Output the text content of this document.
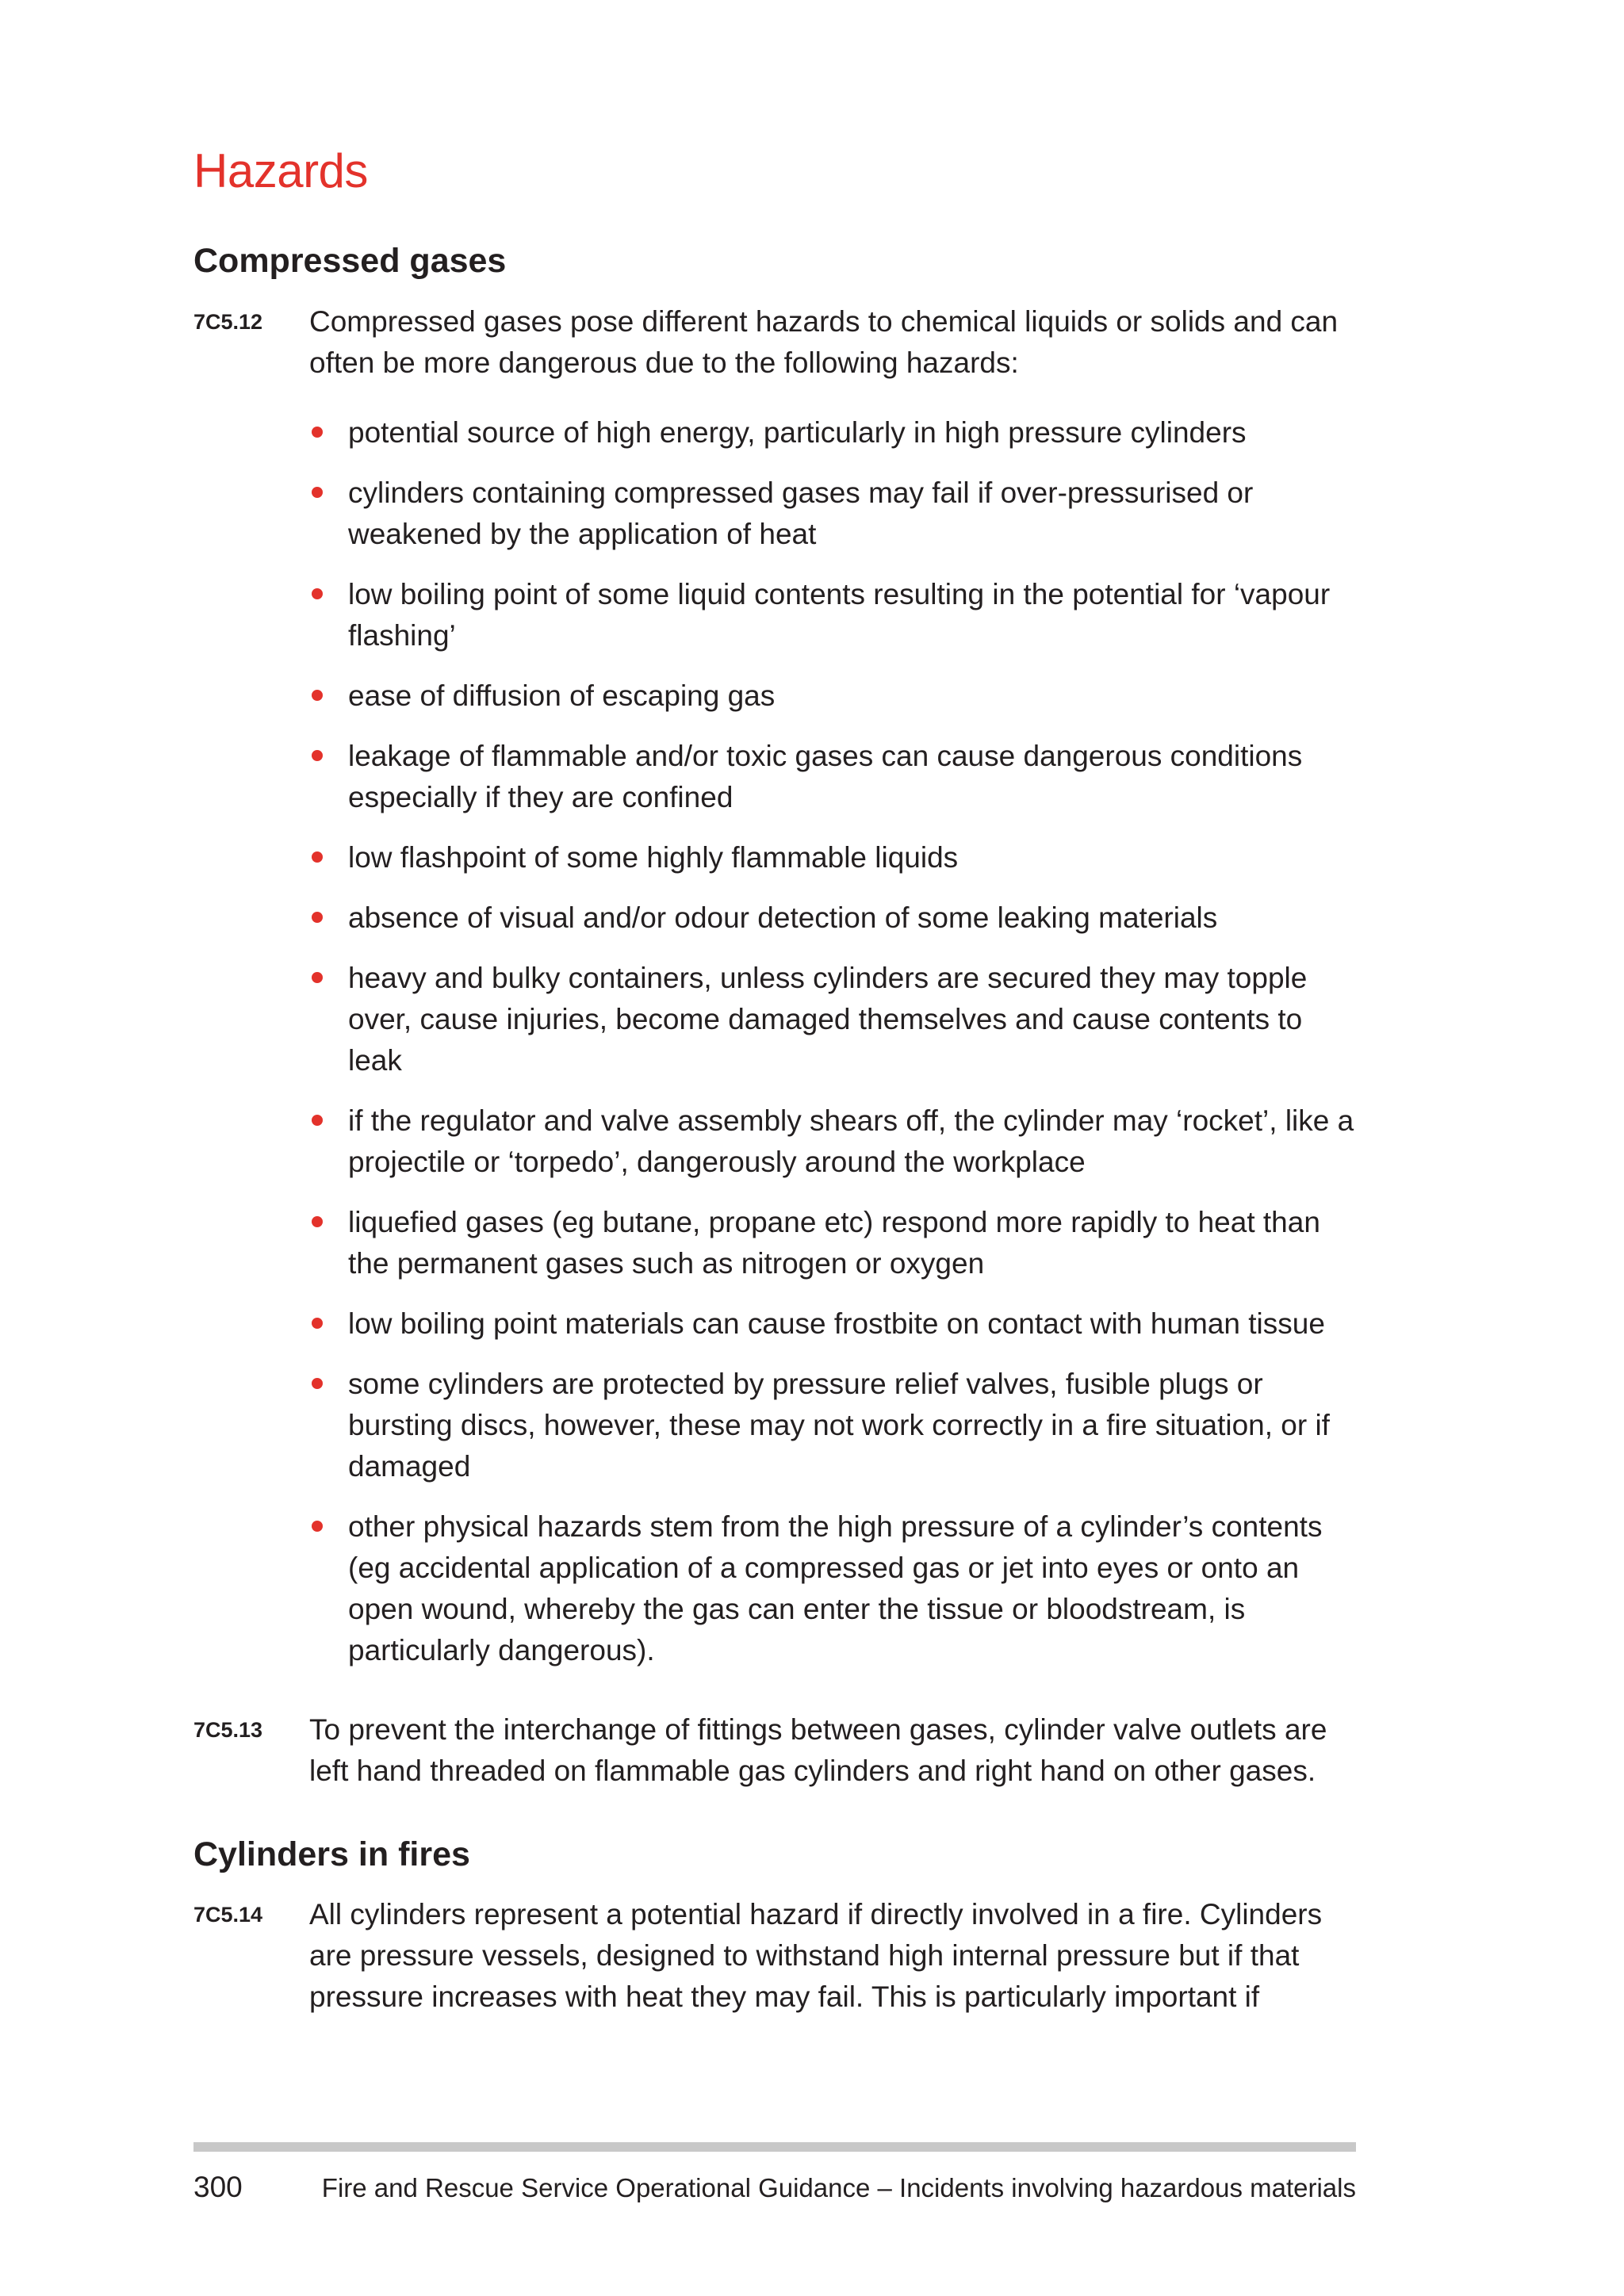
Hazards
Compressed gases
7C5.12	Compressed gases pose different hazards to chemical liquids or solids and can often be more dangerous due to the following hazards:

potential source of high energy, particularly in high pressure cylinders
cylinders containing compressed gases may fail if over-pressurised or weakened by the application of heat
low boiling point of some liquid contents resulting in the potential for ‘vapour flashing’
ease of diffusion of escaping gas
leakage of flammable and/or toxic gases can cause dangerous conditions especially if they are confined
low flashpoint of some highly flammable liquids
absence of visual and/or odour detection of some leaking materials
heavy and bulky containers, unless cylinders are secured they may topple over, cause injuries, become damaged themselves and cause contents to leak
if the regulator and valve assembly shears off, the cylinder may ‘rocket’, like a projectile or ‘torpedo’, dangerously around the workplace
liquefied gases (eg butane, propane etc) respond more rapidly to heat than the permanent gases such as nitrogen or oxygen
low boiling point materials can cause frostbite on contact with human tissue
some cylinders are protected by pressure relief valves, fusible plugs or bursting discs, however, these may not work correctly in a fire situation, or if damaged
other physical hazards stem from the high pressure of a cylinder’s contents (eg accidental application of a compressed gas or jet into eyes or onto an open wound, whereby the gas can enter the tissue or bloodstream, is particularly dangerous).
7C5.13	To prevent the interchange of fittings between gases, cylinder valve outlets are left hand threaded on flammable gas cylinders and right hand on other gases.

Cylinders in fires
7C5.14	All cylinders represent a potential hazard if directly involved in a fire. Cylinders are pressure vessels, designed to withstand high internal pressure but if that pressure increases with heat they may fail. This is particularly important if

300	Fire and Rescue Service Operational Guidance – Incidents involving hazardous materials
